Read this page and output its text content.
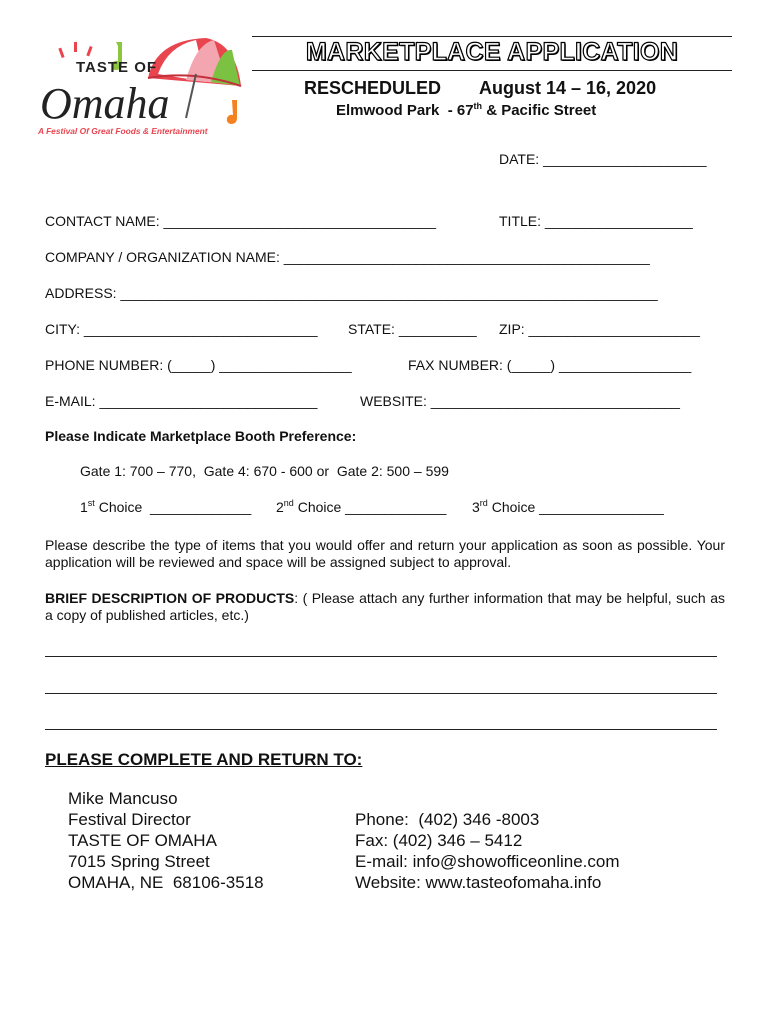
TASTE OF
Omaha
A Festival Of Great Foods & Entertainment
MARKETPLACE APPLICATION
RESCHEDULED August 14 – 16, 2020
Elmwood Park  - 67th & Pacific Street
DATE: _____________________
CONTACT NAME: ___________________________________	TITLE: ___________________
COMPANY / ORGANIZATION NAME: _______________________________________________
ADDRESS: _____________________________________________________________________
CITY: ______________________________ STATE: __________ ZIP: ______________________
PHONE NUMBER: (_____) _________________	FAX NUMBER: (_____) _________________
E-MAIL: ____________________________	WEBSITE: ________________________________
Please Indicate Marketplace Booth Preference:
Gate 1: 700 – 770,  Gate 4: 670 - 600 or  Gate 2: 500 – 599
1st Choice  _____________ 2nd Choice _____________ 3rd Choice ________________
Please describe the type of items that you would offer and return your application as soon as possible. Your application will be reviewed and space will be assigned subject to approval.
BRIEF DESCRIPTION OF PRODUCTS: ( Please attach any further information that may be helpful, such as a copy of published articles, etc.)
PLEASE COMPLETE AND RETURN TO:
Mike Mancuso
Festival Director
TASTE OF OMAHA
7015 Spring Street
OMAHA, NE  68106-3518
Phone:  (402) 346 -8003
Fax: (402) 346 – 5412
E-mail: info@showofficeonline.com
Website: www.tasteofomaha.info
